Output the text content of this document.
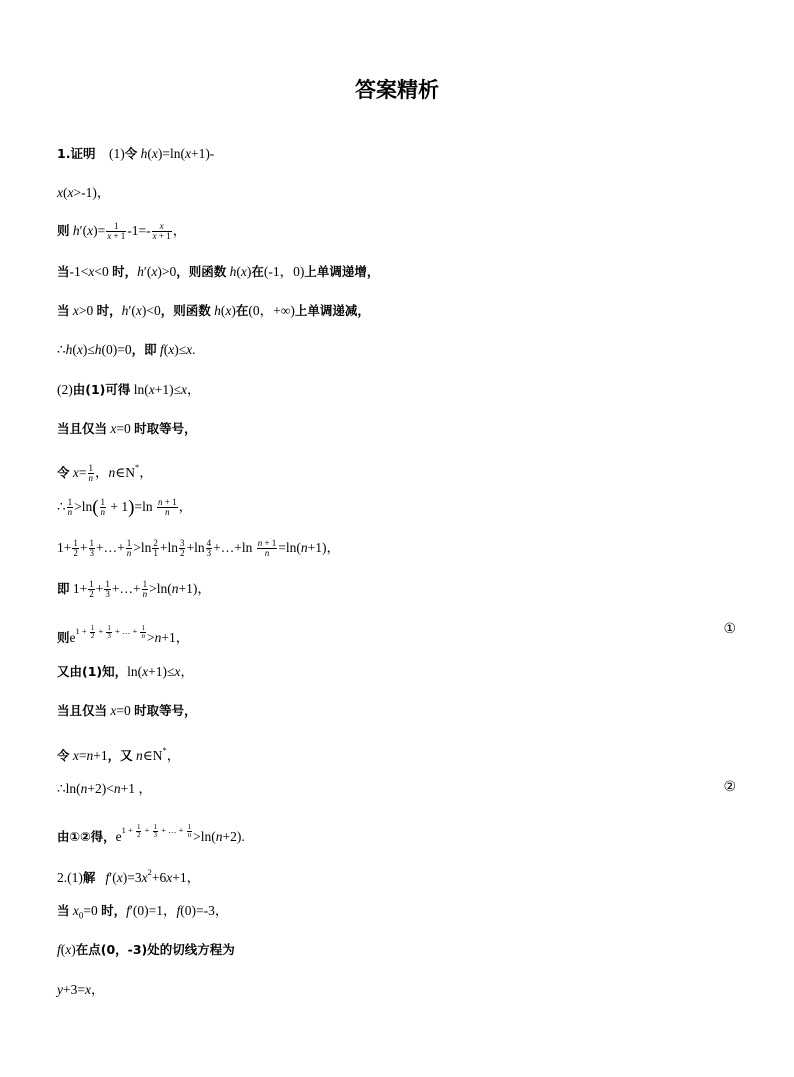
答案精析
1.证明    (1)令 h(x)=ln(x+1)-
x(x>-1)，
则 $h'(x)= \frac{1}{x + 1} -1=- \frac{x}{x + 1}$ ，
当-1<x<0 时，h′(x)>0，则函数 h(x)在(-1，0)上单调递增，
当 x>0 时，h′(x)<0，则函数 h(x)在(0，+∞)上单调递减，
∴h(x)≤h(0)=0，即 f(x)≤x.
(2)由(1)可得 ln(x+1)≤x，
当且仅当 x=0 时取等号，
令 $x= \frac{1}{n}$ ，n∈N*，
∴ $\frac{1}{n} >\ln( \frac{1}{n} + 1)=\ln \frac{n + 1}{n}$ ，
$1+ \frac{1}{2} + \frac{1}{3}$ +…+ $\frac{1}{n} >\ln \frac{2}{1} +\ln \frac{3}{2} +\ln \frac{4}{3}$ +…+ln $\frac{n + 1}{n} =\ln(n+1)$，
即 $1+ \frac{1}{2} + \frac{1}{3}$ +…+ $\frac{1}{n} >\ln(n+1)$，
则$e^{1 + \frac{1}{2} + \frac{1}{3} + \dots + \frac{1}{n}} >n+1$，
①
又由(1)知，ln(x+1)≤x，
当且仅当 x=0 时取等号，
令 x=n+1，又 n∈N*，
∴ln(n+2)<n+1 ，	②
由①②得，$e^{1 + \frac{1}{2} + \frac{1}{3} + \dots + \frac{1}{n}} >\ln(n+2)$.
2.(1)解 $f'(x)=3x^2+6x+1$，
当 $x_0=0$ 时，f′(0)=1，f(0)=-3，
f(x)在点(0，-3)处的切线方程为
y+3=x，
